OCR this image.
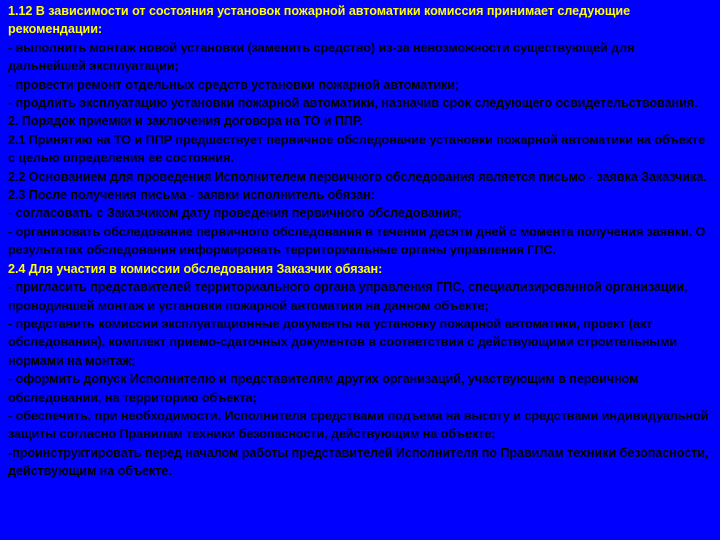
1.12 В зависимости от состояния установок пожарной автоматики комиссия принимает следующие рекомендации:
- выполнить монтаж новой установки (заменить средство) из-за невозможности существующей для дальнейшей эксплуатации;
- провести ремонт отдельных средств установки пожарной автоматики;
- продлить эксплуатацию установки пожарной автоматики, назначив срок следующего освидетельствования.
2. Порядок приемки и заключения договора на ТО и ППР.
2.1 Принятию на ТО и ППР предшествует первичное обследование установки пожарной автоматики на объекте с целью определения ее состояния.
2.2 Основанием для проведения Исполнителем первичного обследования является письмо - заявка Заказчика.
2.3 После получения письма - заявки исполнитель обязан:
- согласовать с Заказчиком дату проведения первичного обследования;
- организовать обследование первичного обследования в течении десяти дней с момента получения заявки. О результатах обследования информировать территориальные органы управления ГПС.
2.4 Для участия в комиссии обследования Заказчик обязан:
- пригласить представителей территориального органа управления ГПС, специализированной организации, проводившей монтаж и установки пожарной автоматики на данном объекте;
- представить комиссии эксплуатационные документы на установку пожарной автоматики, проект (акт обследования), комплект приемо-сдаточных документов в соответствии с действующими строительными нормами на монтаж;
- оформить допуск Исполнителю и представителям других организаций, участвующим в первичном обследовании, на территорию объекта;
- обеспечить, при необходимости, Исполнителя средствами подъема на высоту и средствами индивидуальной защиты согласно Правилам техники безопасности, действующим на объекте;
-проинструктировать перед началом работы представителей Исполнителя по Правилам техники безопасности, действующим на объекте.
